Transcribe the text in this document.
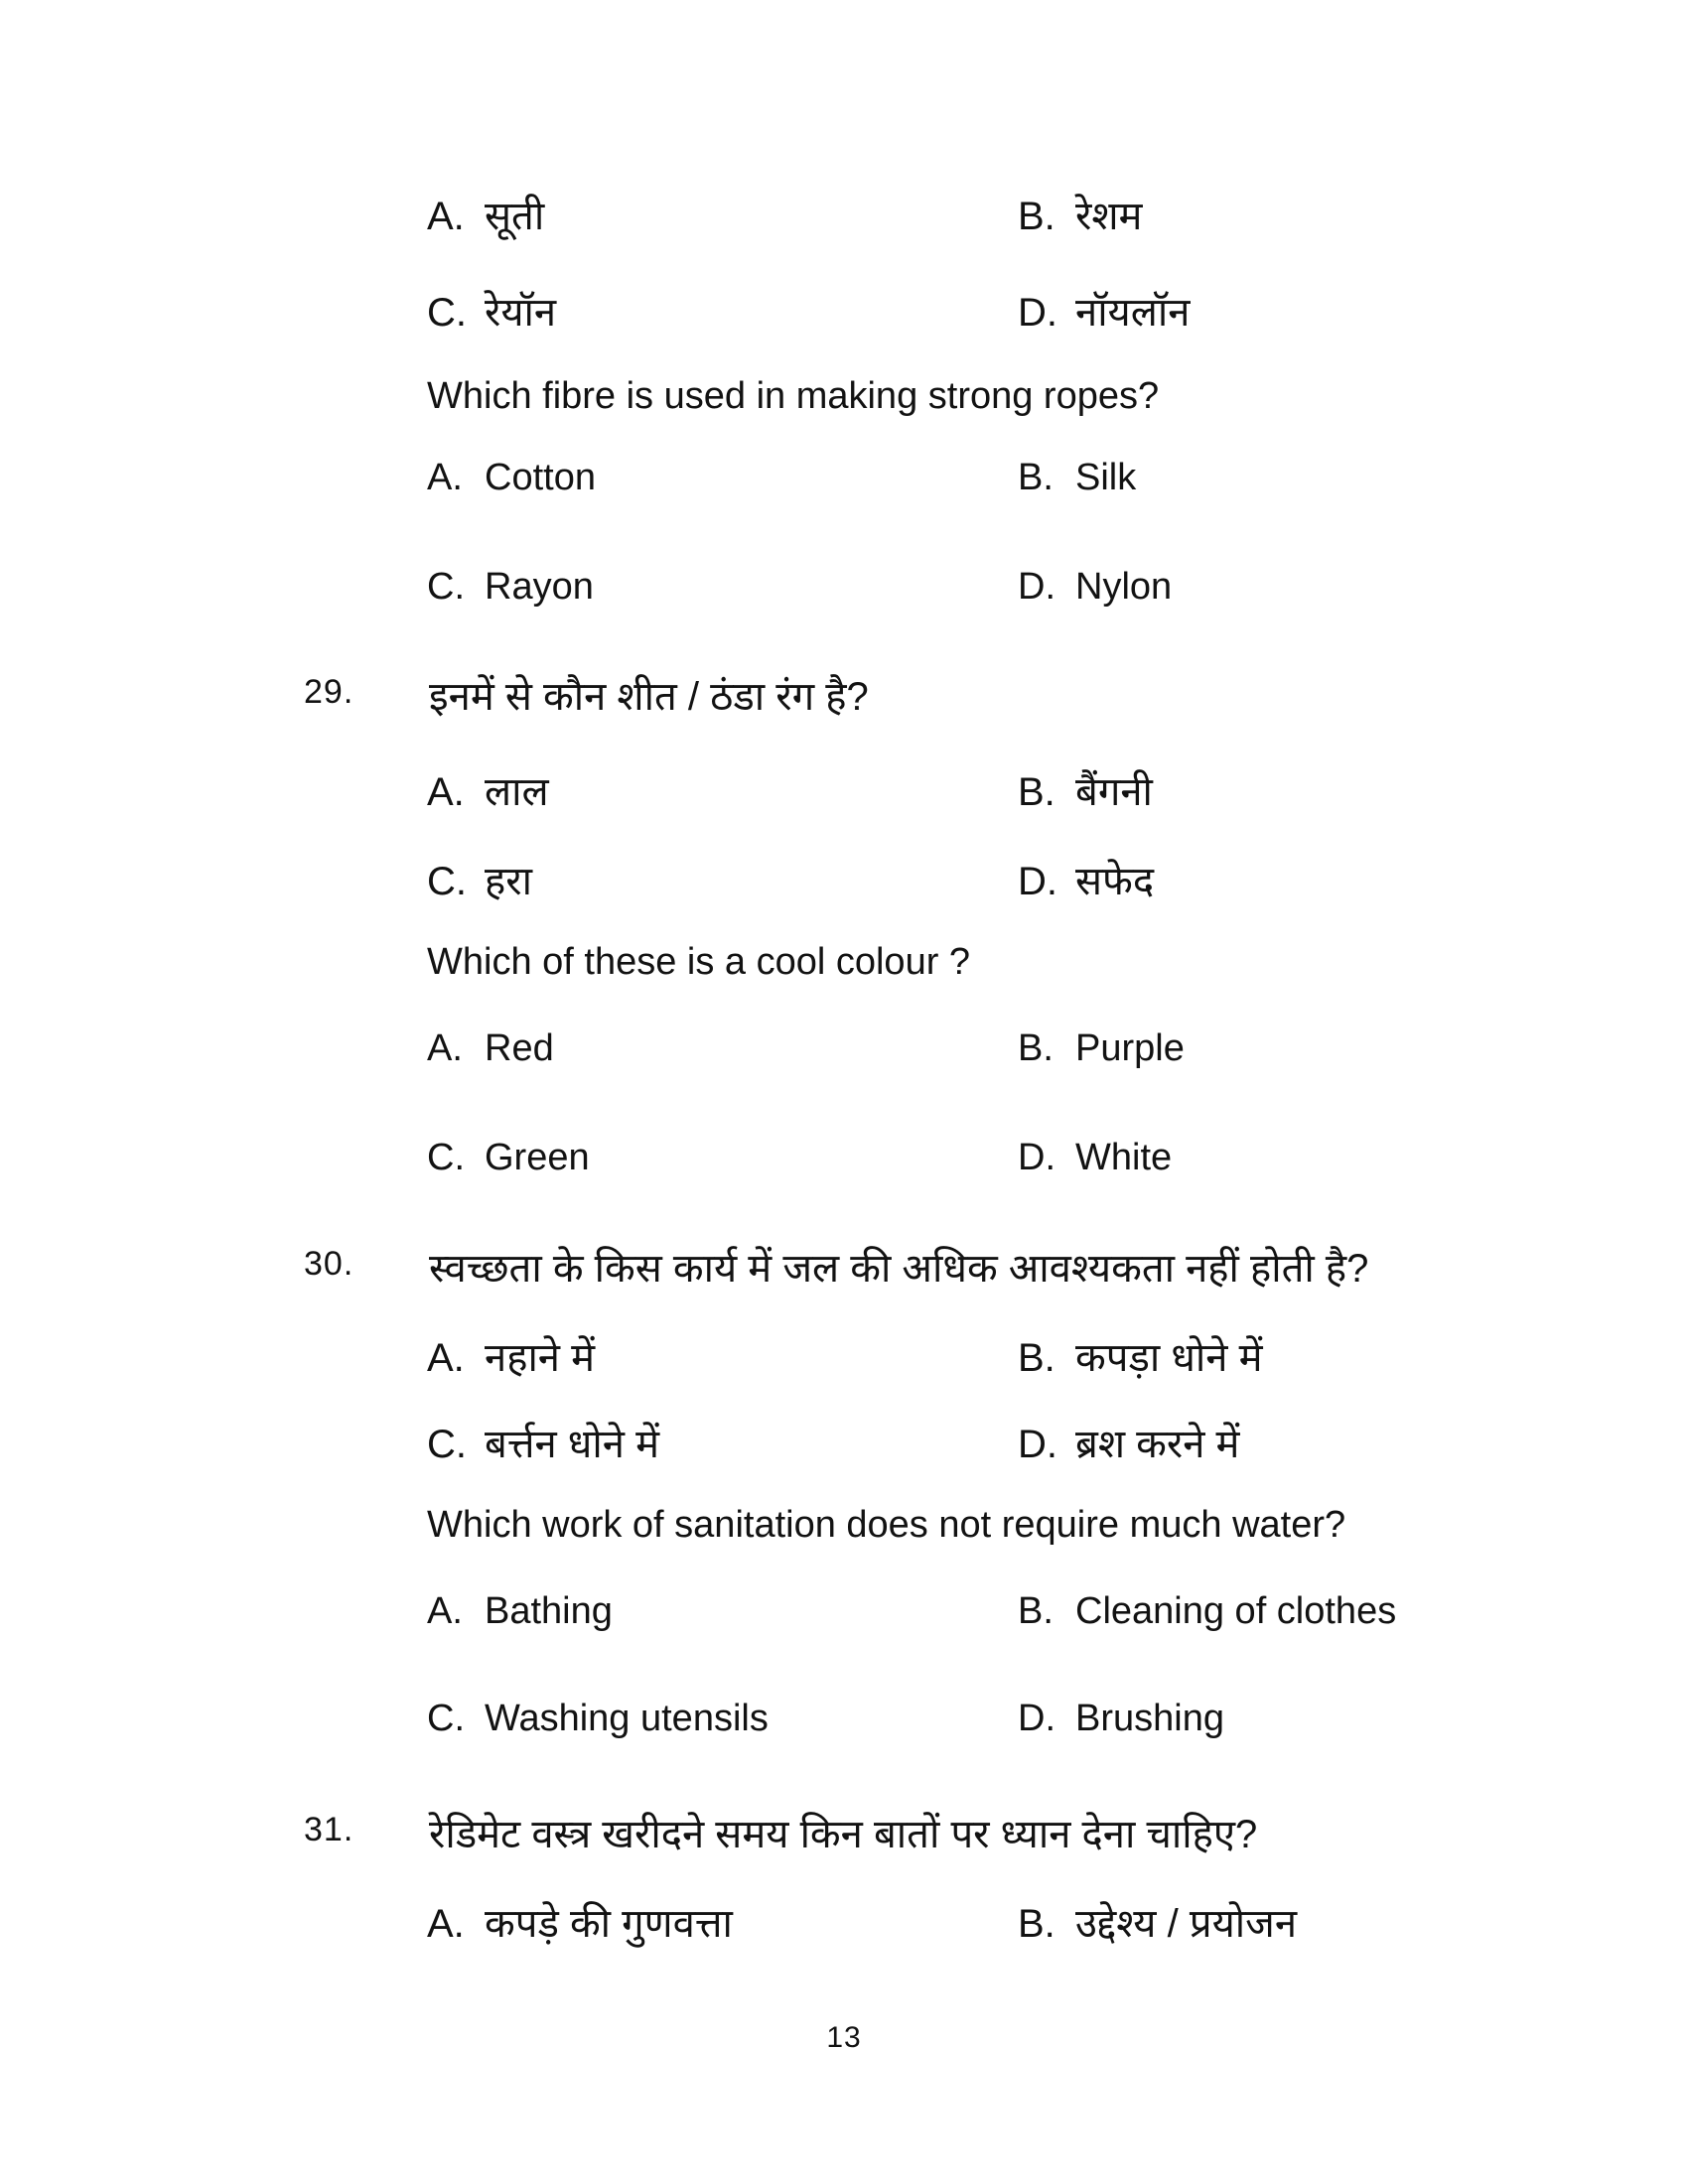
A. सूती	B. रेशम
C. रेयॉन	D. नॉयलॉन
Which fibre is used in making strong ropes?
A. Cotton	B. Silk
C. Rayon	D. Nylon
29. इनमें से कौन शीत / ठंडा रंग है?
A. लाल	B. बैंगनी
C. हरा	D. सफेद
Which of these is a cool colour ?
A. Red	B. Purple
C. Green	D. White
30. स्वच्छता के किस कार्य में जल की अधिक आवश्यकता नहीं होती है?
A. नहाने में	B. कपड़ा धोने में
C. बर्त्तन धोने में	D. ब्रश करने में
Which work of sanitation does not require much water?
A. Bathing	B. Cleaning of clothes
C. Washing utensils	D. Brushing
31. रेडिमेट वस्त्र खरीदने समय किन बातों पर ध्यान देना चाहिए?
A. कपड़े की गुणवत्ता	B. उद्देश्य / प्रयोजन
13
